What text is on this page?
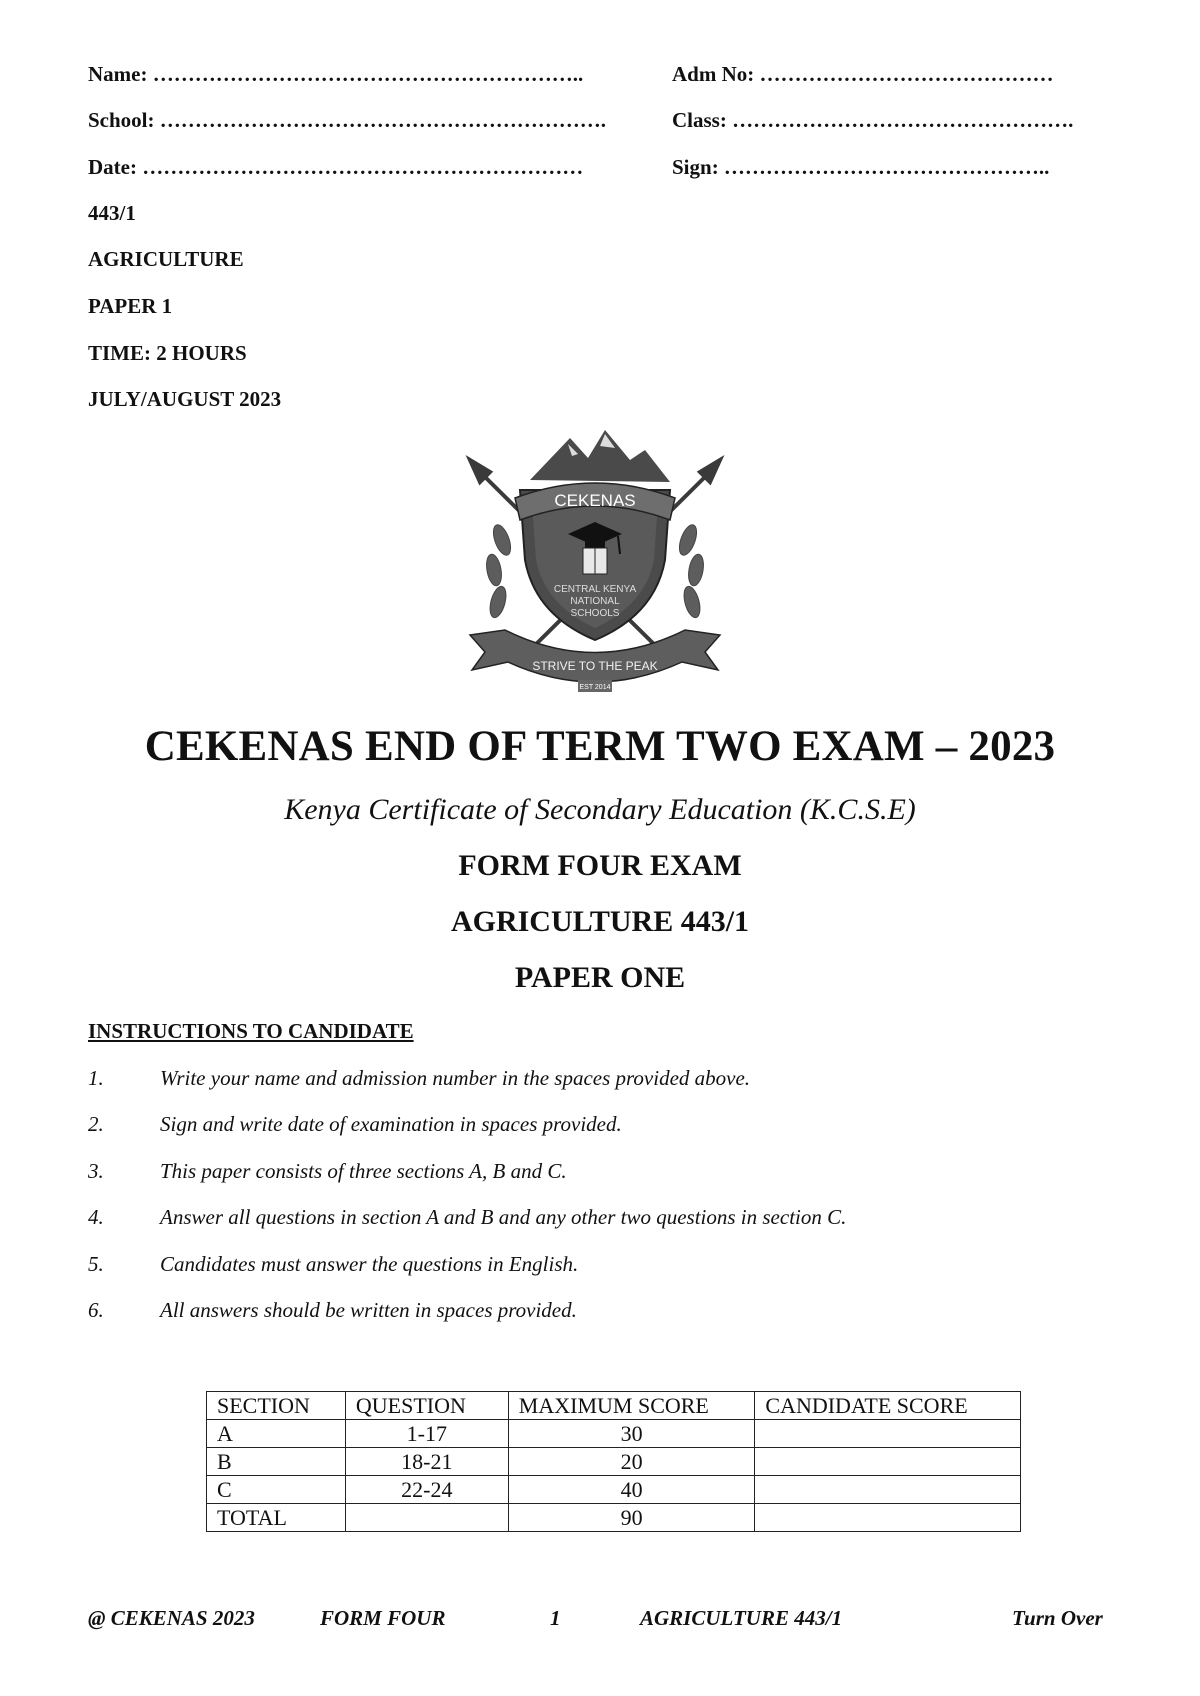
Name: ……………………………………………………..	Adm No: ……………………………………
School: ……………………………………………………….	Class: ………………………………………….
Date: ………………………………………………………	Sign: ………………………………………..
443/1
AGRICULTURE
PAPER 1
TIME: 2 HOURS
JULY/AUGUST 2023
CEKENAS
CENTRAL KENYA
NATIONAL
SCHOOLS
STRIVE TO THE PEAK
EST 2014
CEKENAS END OF TERM TWO EXAM – 2023
Kenya Certificate of Secondary Education (K.C.S.E)
FORM FOUR EXAM
AGRICULTURE 443/1
PAPER ONE
INSTRUCTIONS TO CANDIDATE
1.	Write your name and admission number in the spaces provided above.
2.	Sign and write date of examination in spaces provided.
3.	This paper consists of three sections A, B and C.
4.	Answer all questions in section A and B and any other two questions in section C.
5.	Candidates must answer the questions in English.
6.	All answers should be written in spaces provided.
SECTION	QUESTION	MAXIMUM SCORE	CANDIDATE SCORE
A	1-17	30	
B	18-21	20	
C	22-24	40	
TOTAL		90	
@ CEKENAS 2023	FORM FOUR	1	AGRICULTURE 443/1	Turn Over
